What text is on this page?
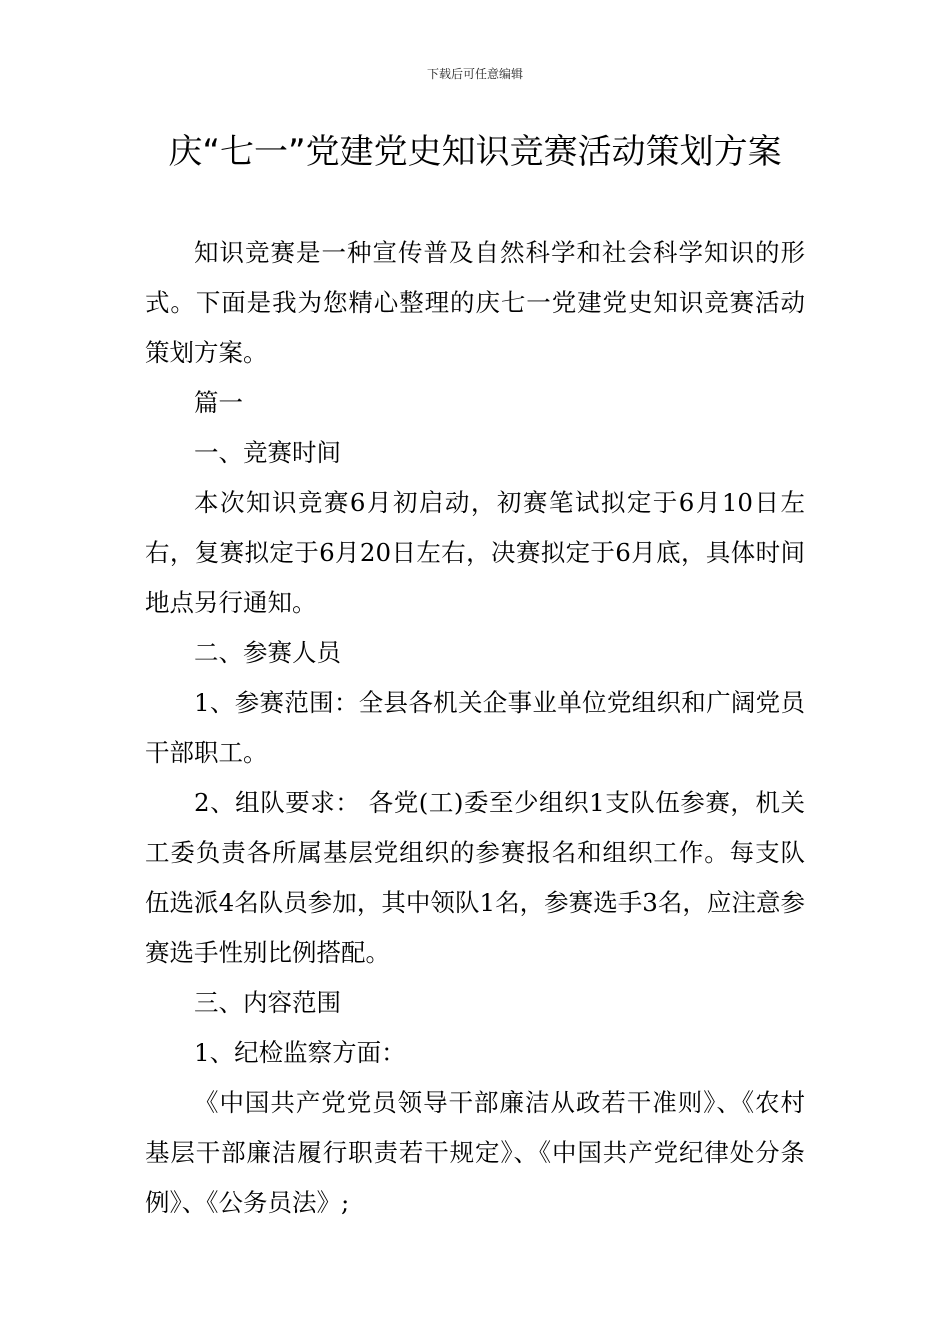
下载后可任意编辑
庆“七一”党建党史知识竞赛活动策划方案

知识竞赛是一种宣传普及自然科学和社会科学知识的形式。下面是我为您精心整理的庆七一党建党史知识竞赛活动策划方案。

篇一

一、竞赛时间

本次知识竞赛6月初启动，初赛笔试拟定于6月10日左右，复赛拟定于6月20日左右，决赛拟定于6月底，具体时间地点另行通知。

二、参赛人员

1、参赛范围：全县各机关企事业单位党组织和广阔党员干部职工。

2、组队要求： 各党(工)委至少组织1支队伍参赛，机关工委负责各所属基层党组织的参赛报名和组织工作。每支队伍选派4名队员参加，其中领队1名，参赛选手3名，应注意参赛选手性别比例搭配。

三、内容范围

1、纪检监察方面：

《中国共产党党员领导干部廉洁从政若干准则》、《农村基层干部廉洁履行职责若干规定》、《中国共产党纪律处分条例》、《公务员法》;
